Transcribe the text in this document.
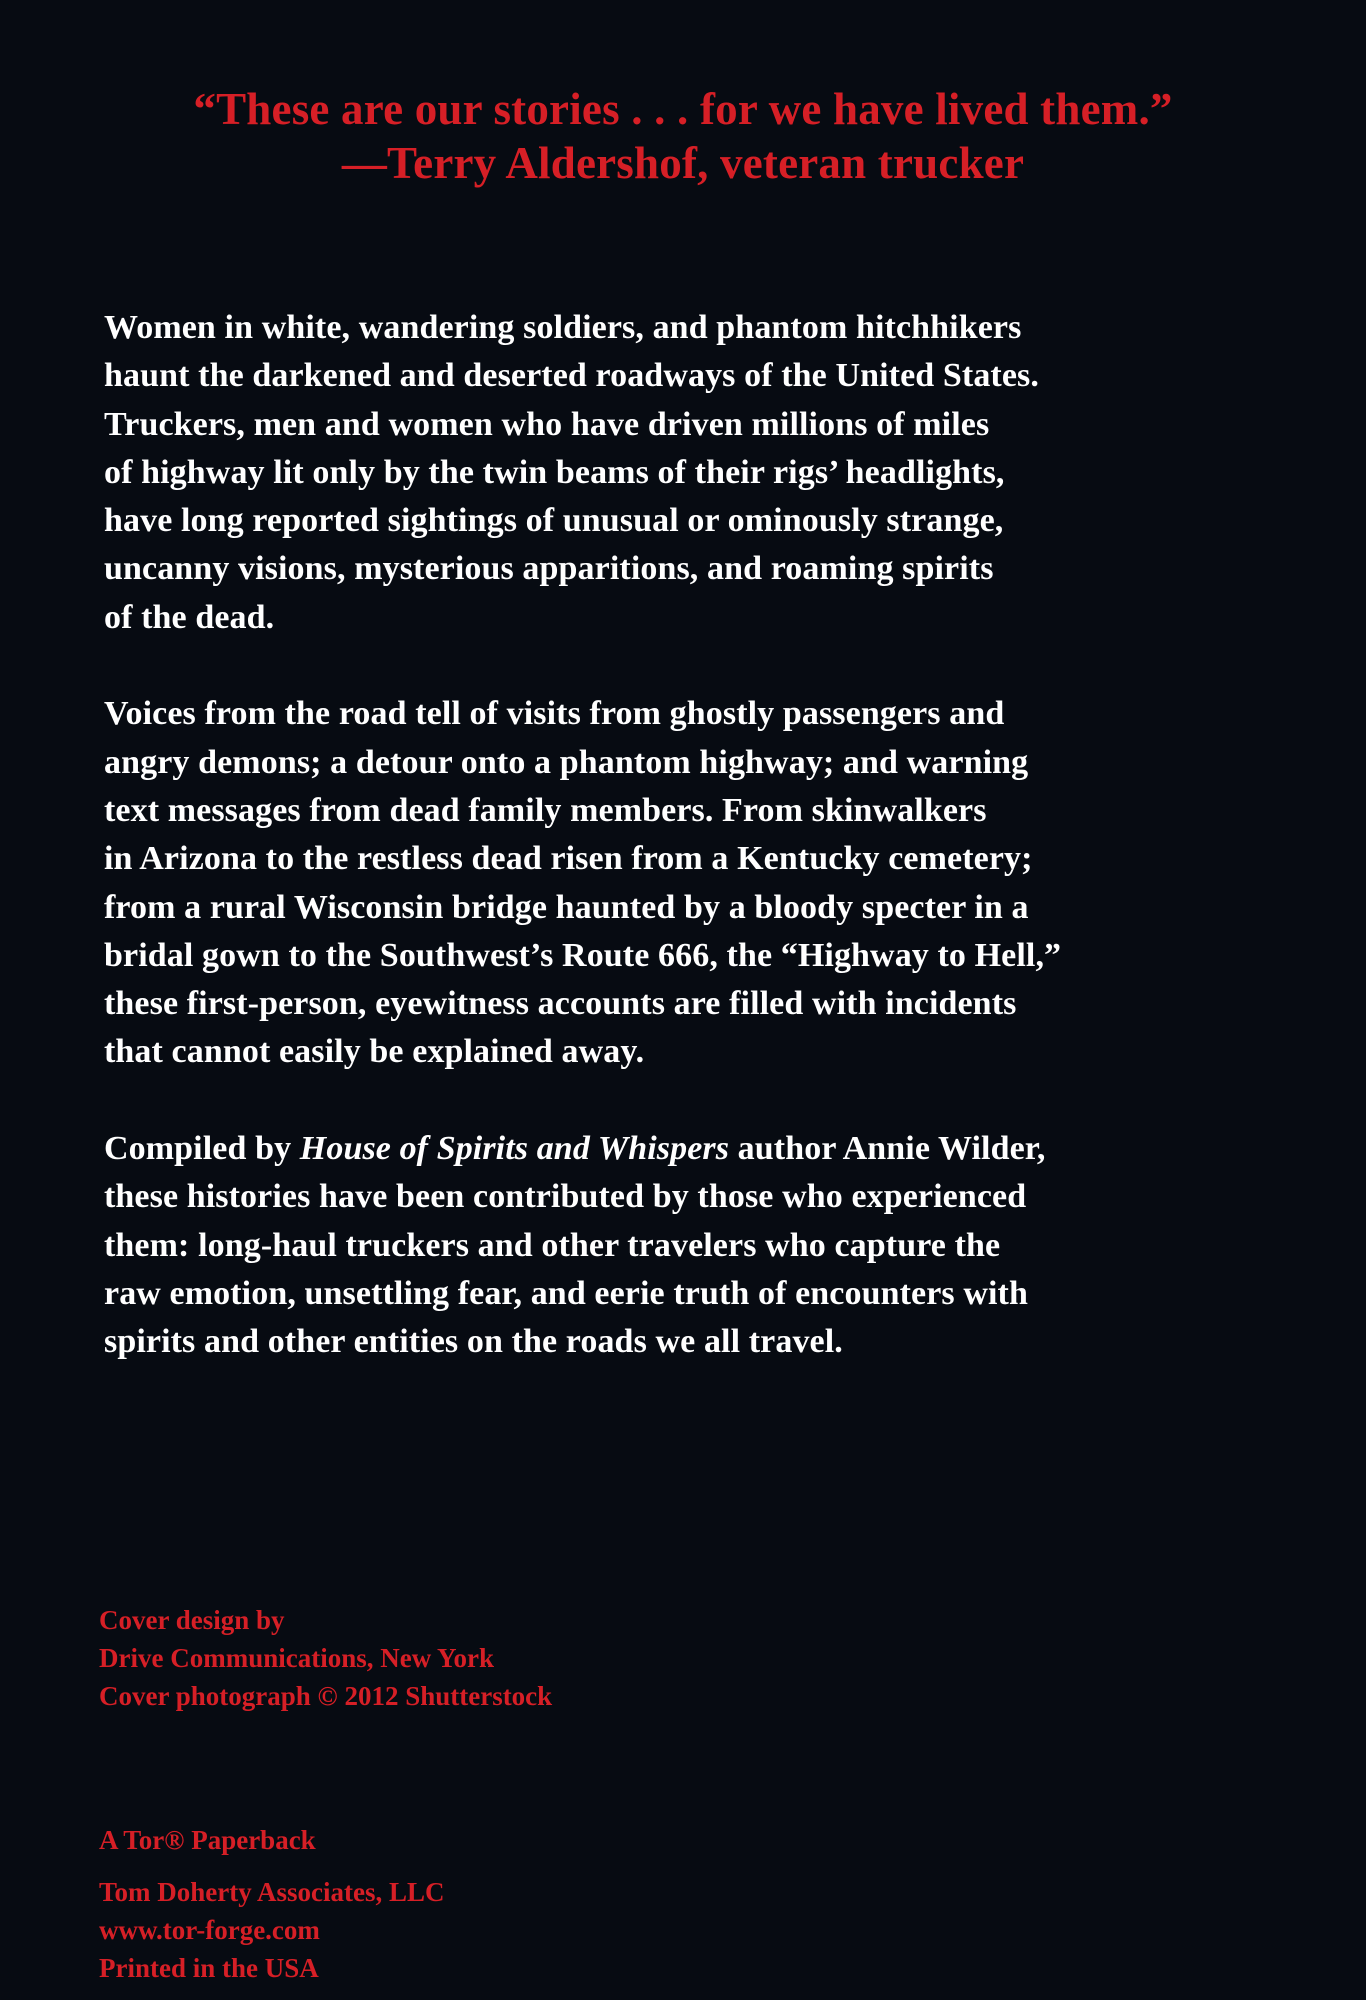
“These are our stories . . . for we have lived them.”
—Terry Aldershof, veteran trucker

Women in white, wandering soldiers, and phantom hitchhikers
haunt the darkened and deserted roadways of the United States.
Truckers, men and women who have driven millions of miles
of highway lit only by the twin beams of their rigs’ headlights,
have long reported sightings of unusual or ominously strange,
uncanny visions, mysterious apparitions, and roaming spirits
of the dead.

Voices from the road tell of visits from ghostly passengers and
angry demons; a detour onto a phantom highway; and warning
text messages from dead family members. From skinwalkers
in Arizona to the restless dead risen from a Kentucky cemetery;
from a rural Wisconsin bridge haunted by a bloody specter in a
bridal gown to the Southwest’s Route 666, the “Highway to Hell,”
these first-person, eyewitness accounts are filled with incidents
that cannot easily be explained away.

Compiled by House of Spirits and Whispers author Annie Wilder,
these histories have been contributed by those who experienced
them: long-haul truckers and other travelers who capture the
raw emotion, unsettling fear, and eerie truth of encounters with
spirits and other entities on the roads we all travel.

Cover design by
Drive Communications, New York
Cover photograph © 2012 Shutterstock
A Tor® Paperback
Tom Doherty Associates, LLC
www.tor-forge.com
Printed in the USA
